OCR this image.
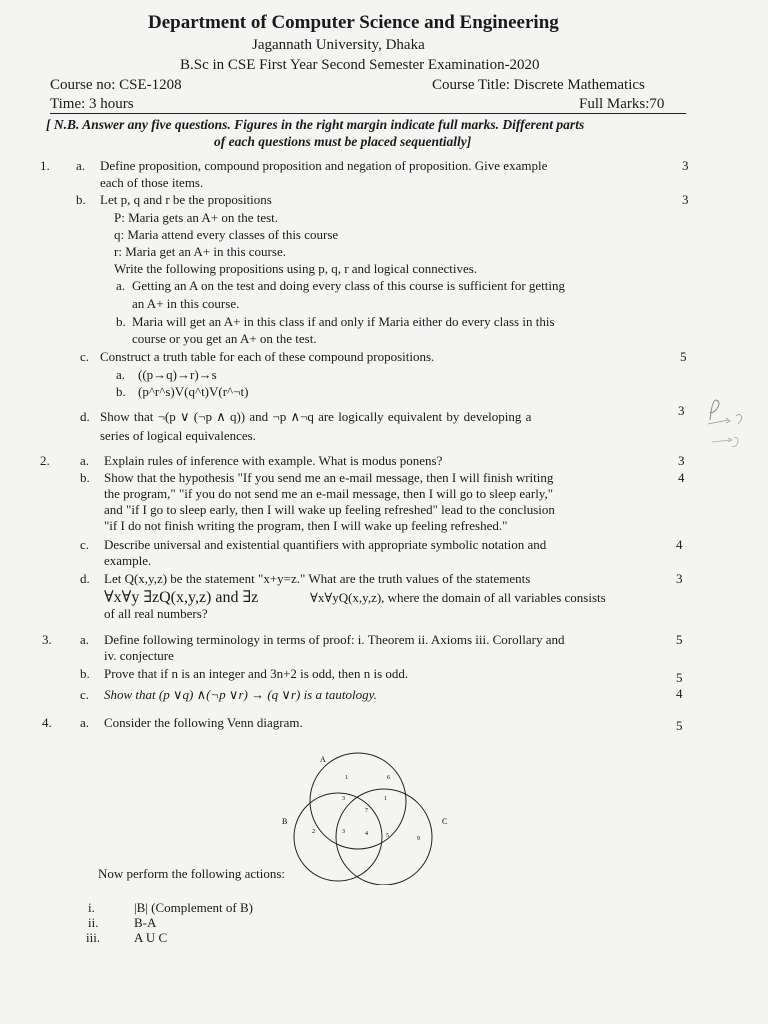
Department of Computer Science and Engineering
Jagannath University, Dhaka
B.Sc in CSE First Year Second Semester Examination-2020
Course no: CSE-1208	Course Title: Discrete Mathematics
Time: 3 hours	Full Marks:70
[ N.B. Answer any five questions. Figures in the right margin indicate full marks. Different parts
of each questions must be placed sequentially]
1. a. Define proposition, compound proposition and negation of proposition. Give example
each of those items.
3
b. Let p, q and r be the propositions	3
P: Maria gets an A+ on the test.
q: Maria attend every classes of this course
r: Maria get an A+ in this course.
Write the following propositions using p, q, r and logical connectives.
a. Getting an A on the test and doing every class of this course is sufficient for getting
an A+ in this course.
b. Maria will get an A+ in this class if and only if Maria either do every class in this
course or you get an A+ on the test.
c. Construct a truth table for each of these compound propositions.	5
a. ((p→q)→r)→s
b. (p^r^s)V(q^t)V(r^¬t)
d. Show that ¬(p ∨ (¬p ∧ q)) and ¬p ∧¬q are logically equivalent by developing a
series of logical equivalences.
3
2. a. Explain rules of inference with example. What is modus ponens?	3
b. Show that the hypothesis "If you send me an e-mail message, then I will finish writing
the program," "if you do not send me an e-mail message, then I will go to sleep early,"
and "if I go to sleep early, then I will wake up feeling refreshed" lead to the conclusion
"if I do not finish writing the program, then I will wake up feeling refreshed."
4
c. Describe universal and existential quantifiers with appropriate symbolic notation and
example.
4
d. Let Q(x,y,z) be the statement "x+y=z." What are the truth values of the statements
∀x∀y ∃zQ(x,y,z) and ∃z	∀x∀yQ(x,y,z), where the domain of all variables consists
of all real numbers?
3
3. a. Define following terminology in terms of proof: i. Theorem ii. Axioms iii. Corollary and
iv. conjecture
5
b. Prove that if n is an integer and 3n+2 is odd, then n is odd.	5
c. Show that (p ∨q) ∧(¬p ∨r) → (q ∨r) is a tautology.	4
4. a. Consider the following Venn diagram.	5
A
B	C
1	6
3	1
7
2	3	4	5	9
Now perform the following actions:
i.	|B| (Complement of B)
ii.	B-A
iii.	A U C
